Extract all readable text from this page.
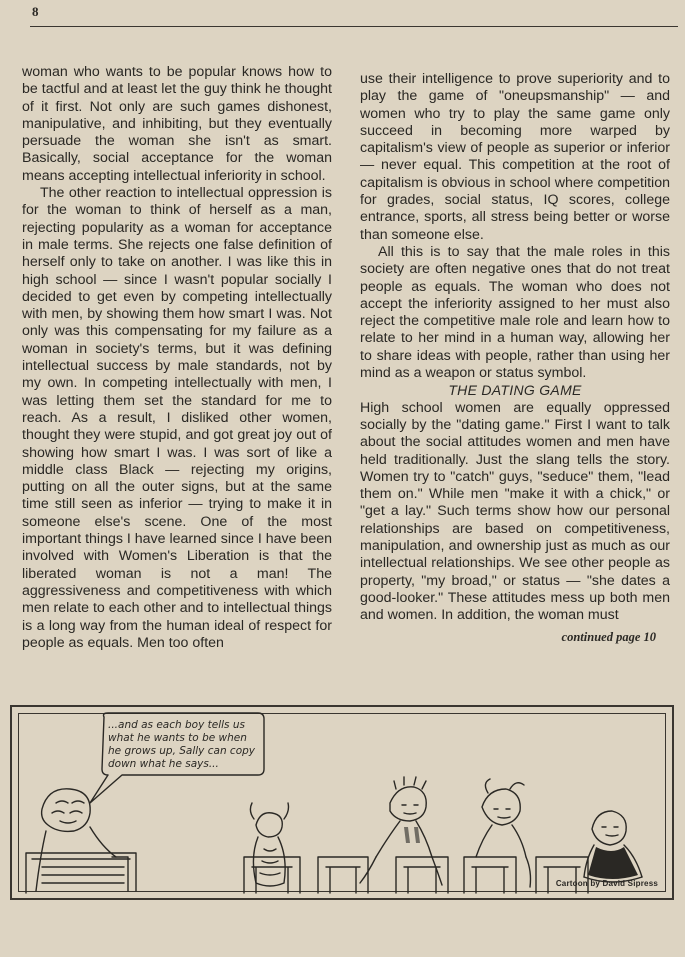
8

woman who wants to be popular knows how to be tactful and at least let the guy think he thought of it first. Not only are such games dishonest, manipulative, and inhibiting, but they eventually persuade the woman she isn't as smart. Basically, social acceptance for the woman means accepting intellectual inferiority in school.

The other reaction to intellectual oppression is for the woman to think of herself as a man, rejecting popularity as a woman for acceptance in male terms. She rejects one false definition of herself only to take on another. I was like this in high school — since I wasn't popular socially I decided to get even by competing intellectually with men, by showing them how smart I was. Not only was this compensating for my failure as a woman in society's terms, but it was defining intellectual success by male standards, not by my own. In competing intellectually with men, I was letting them set the standard for me to reach. As a result, I disliked other women, thought they were stupid, and got great joy out of showing how smart I was. I was sort of like a middle class Black — rejecting my origins, putting on all the outer signs, but at the same time still seen as inferior — trying to make it in someone else's scene. One of the most important things I have learned since I have been involved with Women's Liberation is that the liberated woman is not a man! The aggressiveness and competitiveness with which men relate to each other and to intellectual things is a long way from the human ideal of respect for people as equals. Men too often

use their intelligence to prove superiority and to play the game of "oneupsmanship" — and women who try to play the same game only succeed in becoming more warped by capitalism's view of people as superior or inferior — never equal. This competition at the root of capitalism is obvious in school where competition for grades, social status, IQ scores, college entrance, sports, all stress being better or worse than someone else.

All this is to say that the male roles in this society are often negative ones that do not treat people as equals. The woman who does not accept the inferiority assigned to her must also reject the competitive male role and learn how to relate to her mind in a human way, allowing her to share ideas with people, rather than using her mind as a weapon or status symbol.

THE DATING GAME

High school women are equally oppressed socially by the "dating game." First I want to talk about the social attitudes women and men have held traditionally. Just the slang tells the story. Women try to "catch" guys, "seduce" them, "lead them on." While men "make it with a chick," or "get a lay." Such terms show how our personal relationships are based on competitiveness, manipulation, and ownership just as much as our intellectual relationships. We see other people as property, "my broad," or status — "she dates a good-looker." These attitudes mess up both men and women. In addition, the woman must

continued page 10
...and as each boy tells us what he wants to be when he grows up, Sally can copy down what he says...
Cartoon by David Sipress
